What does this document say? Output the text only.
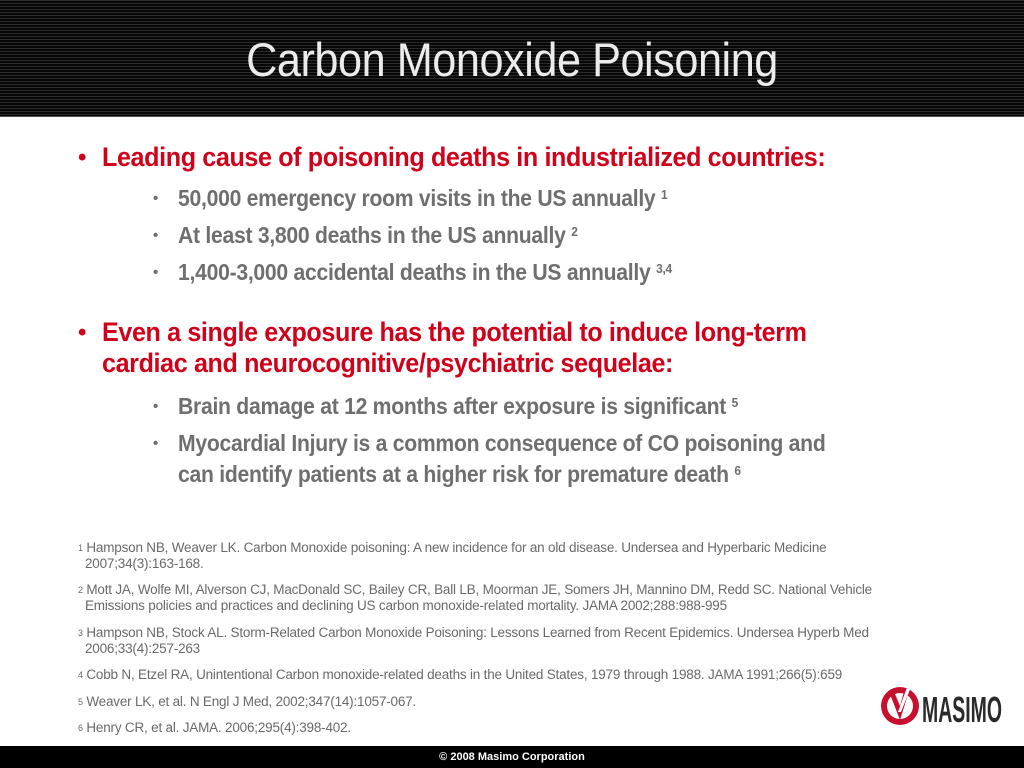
Carbon Monoxide Poisoning
• Leading cause of poisoning deaths in industrialized countries:
• 50,000 emergency room visits in the US annually $^1$
• At least 3,800 deaths in the US annually $^2$
• 1,400-3,000 accidental deaths in the US annually $^{3,4}$
• Even a single exposure has the potential to induce long-term
cardiac and neurocognitive/psychiatric sequelae:
• Brain damage at 12 months after exposure is significant $^5$
• Myocardial Injury is a common consequence of CO poisoning and
can identify patients at a higher risk for premature death $^6$
$^1$ Hampson NB, Weaver LK. Carbon Monoxide poisoning: A new incidence for an old disease. Undersea and Hyperbaric Medicine
2007;34(3):163-168.
$^2$ Mott JA, Wolfe MI, Alverson CJ, MacDonald SC, Bailey CR, Ball LB, Moorman JE, Somers JH, Mannino DM, Redd SC. National Vehicle
Emissions policies and practices and declining US carbon monoxide-related mortality. JAMA 2002;288:988-995
$^3$ Hampson NB, Stock AL. Storm-Related Carbon Monoxide Poisoning: Lessons Learned from Recent Epidemics. Undersea Hyperb Med
2006;33(4):257-263
$^4$ Cobb N, Etzel RA, Unintentional Carbon monoxide-related deaths in the United States, 1979 through 1988. JAMA 1991;266(5):659
$^5$ Weaver LK, et al. N Engl J Med, 2002;347(14):1057-067.
$^6$ Henry CR, et al. JAMA. 2006;295(4):398-402.	MASIMO
© 2008 Masimo Corporation
